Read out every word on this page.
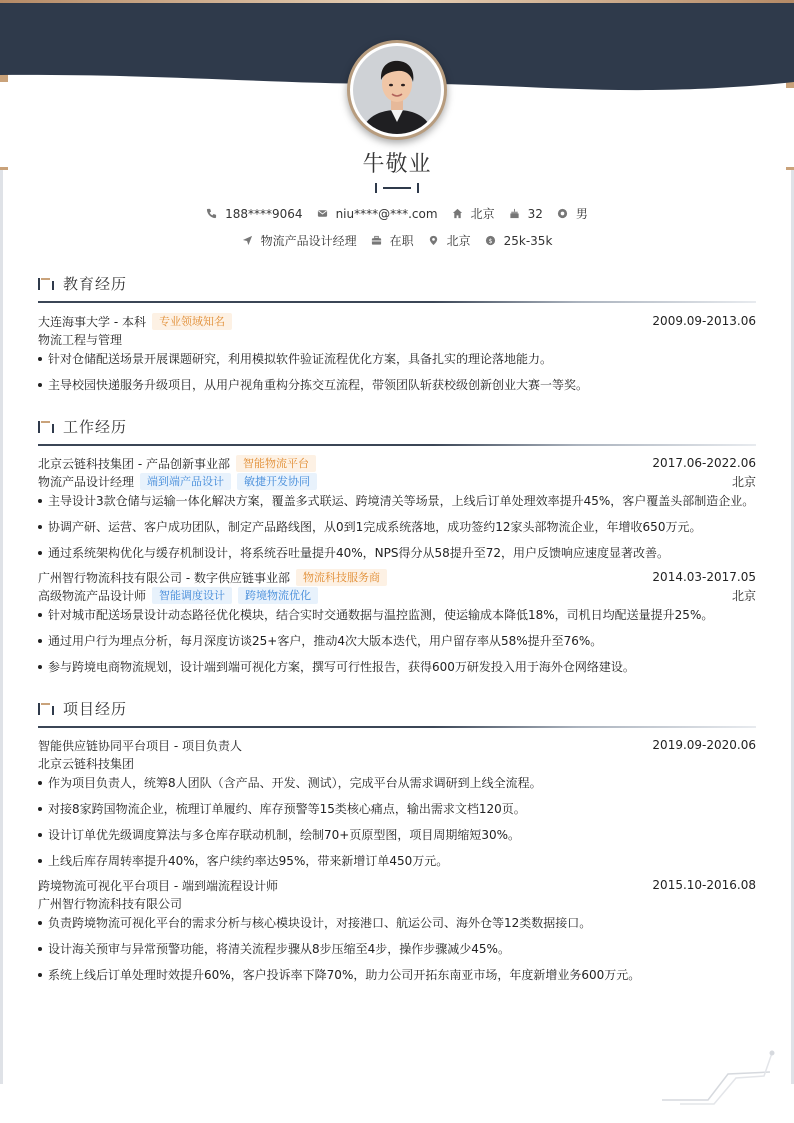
牛敬业
188****9064	niu****@***.com	北京	32	男
物流产品设计经理	在职	北京 $ 25k-35k
教育经历
大连海事大学 - 本科	专业领域知名	2009.09-2013.06
物流工程与管理
针对仓储配送场景开展课题研究，利用模拟软件验证流程优化方案，具备扎实的理论落地能力。
主导校园快递服务升级项目，从用户视角重构分拣交互流程，带领团队斩获校级创新创业大赛一等奖。
工作经历
北京云链科技集团 - 产品创新事业部	智能物流平台	2017.06-2022.06
物流产品设计经理	端到端产品设计	敏捷开发协同	北京
主导设计3款仓储与运输一体化解决方案，覆盖多式联运、跨境清关等场景，上线后订单处理效率提升45%，客户覆盖头部制造企业。
协调产研、运营、客户成功团队，制定产品路线图，从0到1完成系统落地，成功签约12家头部物流企业，年增收650万元。
通过系统架构优化与缓存机制设计，将系统吞吐量提升40%，NPS得分从58提升至72，用户反馈响应速度显著改善。
广州智行物流科技有限公司 - 数字供应链事业部	物流科技服务商	2014.03-2017.05
高级物流产品设计师	智能调度设计	跨境物流优化	北京
针对城市配送场景设计动态路径优化模块，结合实时交通数据与温控监测，使运输成本降低18%，司机日均配送量提升25%。
通过用户行为埋点分析，每月深度访谈25+客户，推动4次大版本迭代，用户留存率从58%提升至76%。
参与跨境电商物流规划，设计端到端可视化方案，撰写可行性报告，获得600万研发投入用于海外仓网络建设。
项目经历
智能供应链协同平台项目 - 项目负责人	2019.09-2020.06
北京云链科技集团
作为项目负责人，统筹8人团队（含产品、开发、测试），完成平台从需求调研到上线全流程。
对接8家跨国物流企业，梳理订单履约、库存预警等15类核心痛点，输出需求文档120页。
设计订单优先级调度算法与多仓库存联动机制，绘制70+页原型图，项目周期缩短30%。
上线后库存周转率提升40%，客户续约率达95%，带来新增订单450万元。
跨境物流可视化平台项目 - 端到端流程设计师	2015.10-2016.08
广州智行物流科技有限公司
负责跨境物流可视化平台的需求分析与核心模块设计，对接港口、航运公司、海外仓等12类数据接口。
设计海关预审与异常预警功能，将清关流程步骤从8步压缩至4步，操作步骤减少45%。
系统上线后订单处理时效提升60%，客户投诉率下降70%，助力公司开拓东南亚市场，年度新增业务600万元。
